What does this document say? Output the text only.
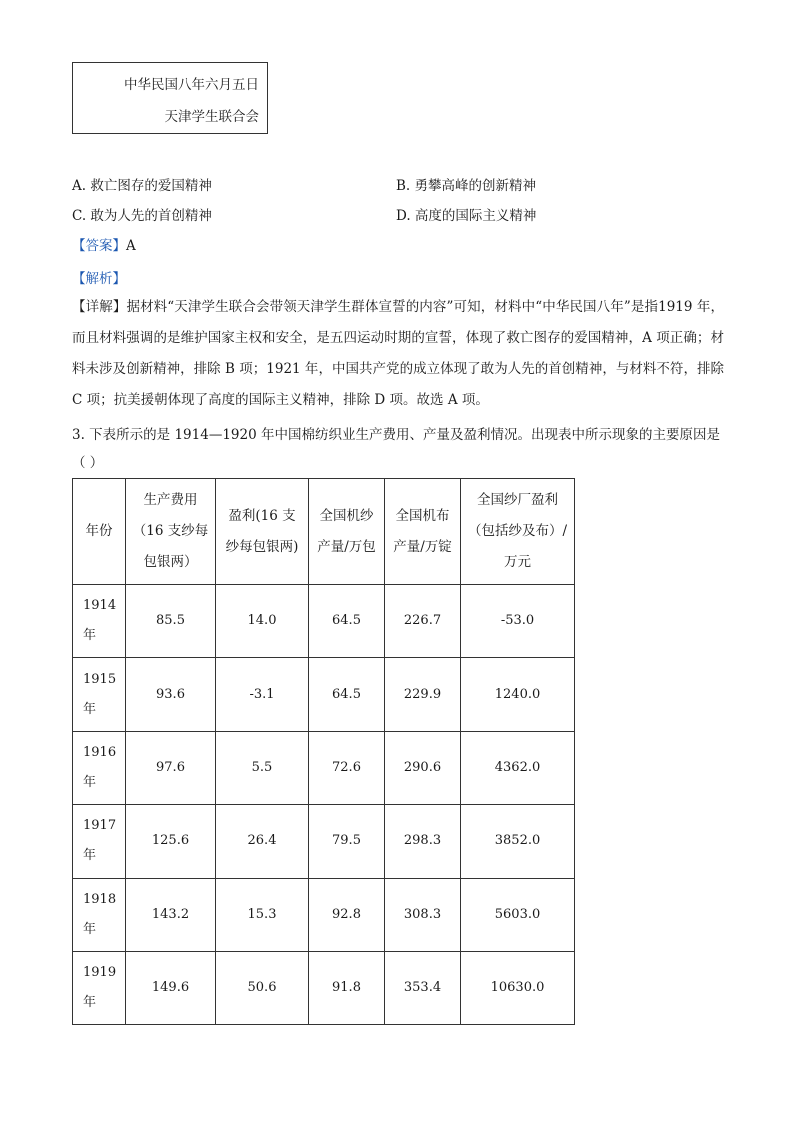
中华民国八年六月五日
天津学生联合会
A. 救亡图存的爱国精神	B. 勇攀高峰的创新精神
C. 敢为人先的首创精神	D. 高度的国际主义精神
【答案】A
【解析】
【详解】据材料“天津学生联合会带领天津学生群体宣誓的内容”可知，材料中“中华民国八年”是指1919 年，而且材料强调的是维护国家主权和安全，是五四运动时期的宣誓，体现了救亡图存的爱国精神，A 项正确；材料未涉及创新精神，排除 B 项；1921 年，中国共产党的成立体现了敢为人先的首创精神，与材料不符，排除 C 项；抗美援朝体现了高度的国际主义精神，排除 D 项。故选 A 项。
3. 下表所示的是 1914—1920 年中国棉纺织业生产费用、产量及盈利情况。出现表中所示现象的主要原因是（ ）
年份	生产费用（16 支纱每包银两）	盈利(16 支纱每包银两)	全国机纱产量/万包	全国机布产量/万锭	全国纱厂盈利（包括纱及布）/万元
1914 年	85.5	14.0	64.5	226.7	-53.0
1915 年	93.6	-3.1	64.5	229.9	1240.0
1916 年	97.6	5.5	72.6	290.6	4362.0
1917 年	125.6	26.4	79.5	298.3	3852.0
1918 年	143.2	15.3	92.8	308.3	5603.0
1919 年	149.6	50.6	91.8	353.4	10630.0
